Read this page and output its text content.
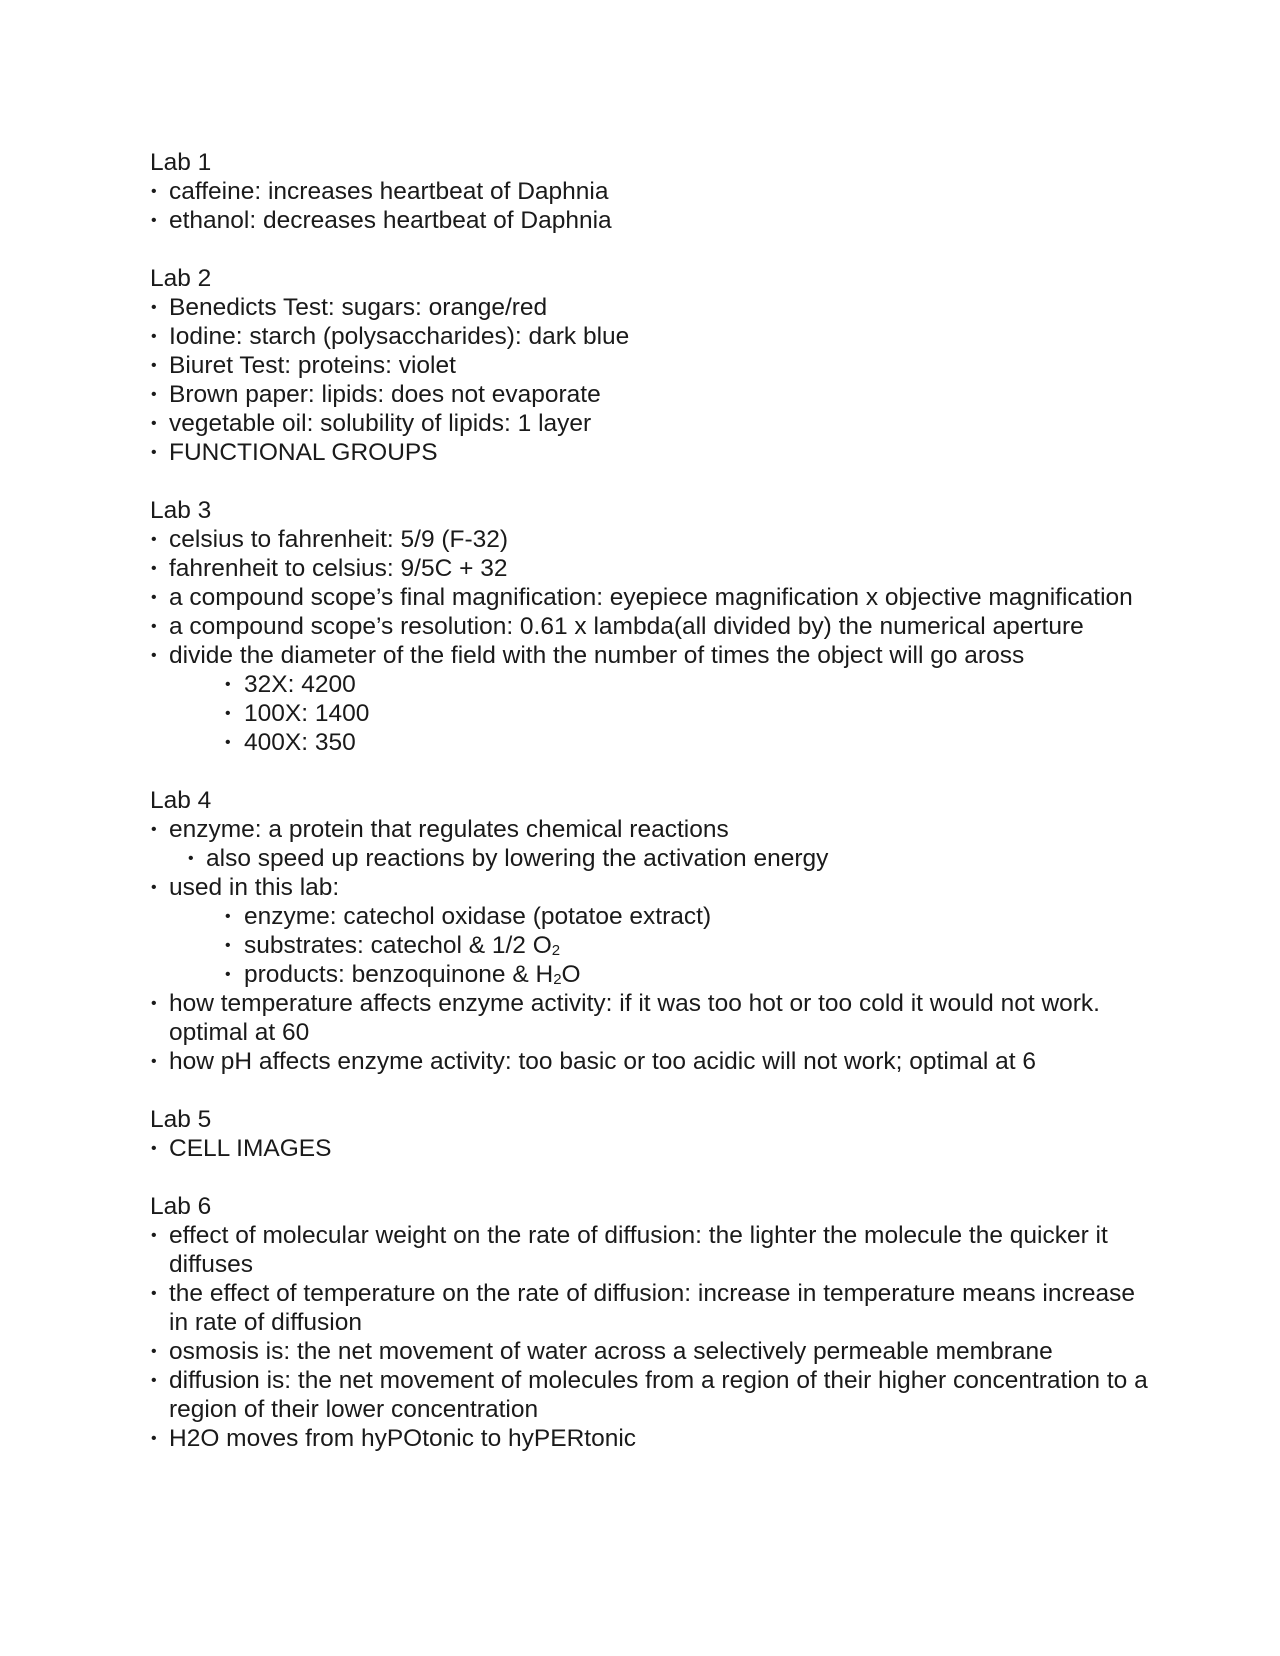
Lab 1
• caffeine: increases heartbeat of Daphnia
• ethanol: decreases heartbeat of Daphnia
Lab 2
• Benedicts Test: sugars: orange/red
• Iodine: starch (polysaccharides): dark blue
• Biuret Test: proteins: violet
• Brown paper: lipids: does not evaporate
• vegetable oil: solubility of lipids: 1 layer
• FUNCTIONAL GROUPS
Lab 3
• celsius to fahrenheit: 5/9 (F-32)
• fahrenheit to celsius: 9/5C + 32
• a compound scope’s final magnification: eyepiece magnification x objective magnification
• a compound scope’s resolution: 0.61 x lambda(all divided by) the numerical aperture
• divide the diameter of the field with the number of times the object will go aross
• 32X: 4200
• 100X: 1400
• 400X: 350
Lab 4
• enzyme: a protein that regulates chemical reactions
• also speed up reactions by lowering the activation energy
• used in this lab:
• enzyme: catechol oxidase (potatoe extract)
• substrates: catechol & 1/2 $O_2$
• products: benzoquinone & $H_2O$
• how temperature affects enzyme activity: if it was too hot or too cold it would not work. optimal at 60
• how pH affects enzyme activity: too basic or too acidic will not work; optimal at 6
Lab 5
• CELL IMAGES
Lab 6
• effect of molecular weight on the rate of diffusion: the lighter the molecule the quicker it diffuses
• the effect of temperature on the rate of diffusion: increase in temperature means increase in rate of diffusion
• osmosis is: the net movement of water across a selectively permeable membrane
• diffusion is: the net movement of molecules from a region of their higher concentration to a region of their lower concentration
• H2O moves from hyPOtonic to hyPERtonic
